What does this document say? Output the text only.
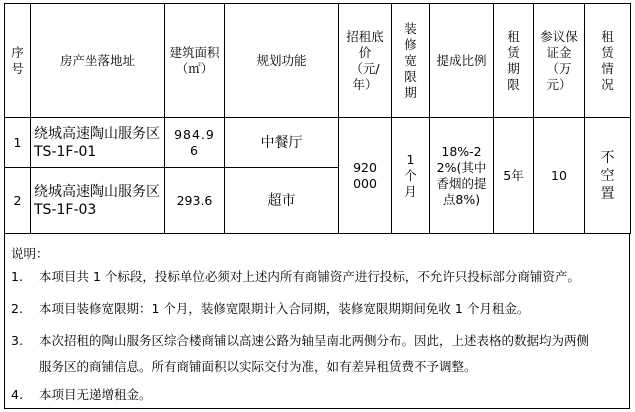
序号	房产坐落地址	建筑面积（㎡）	规划功能	招租底价（元/年）	装修宽限期	提成比例	租赁期限	参议保证金（万元）	租赁情况

1	绕城高速陶山服务区TS-1F-01	984.96	中餐厅	920000	1个月	18%-22%(其中香烟的提点8%)	5年	10	不空置

2	绕城高速陶山服务区TS-1F-03	293.6	超市						
说明：
1. 本项目共 1 个标段，投标单位必须对上述内所有商铺资产进行投标，不允许只投标部分商铺资产。
2. 本项目装修宽限期：1 个月，装修宽限期计入合同期，装修宽限期期间免收 1 个月租金。
3. 本次招租的陶山服务区综合楼商铺以高速公路为轴呈南北两侧分布。因此，上述表格的数据均为两侧
服务区的商铺信息。所有商铺面积以实际交付为准，如有差异租赁费不予调整。
4. 本项目无递增租金。
